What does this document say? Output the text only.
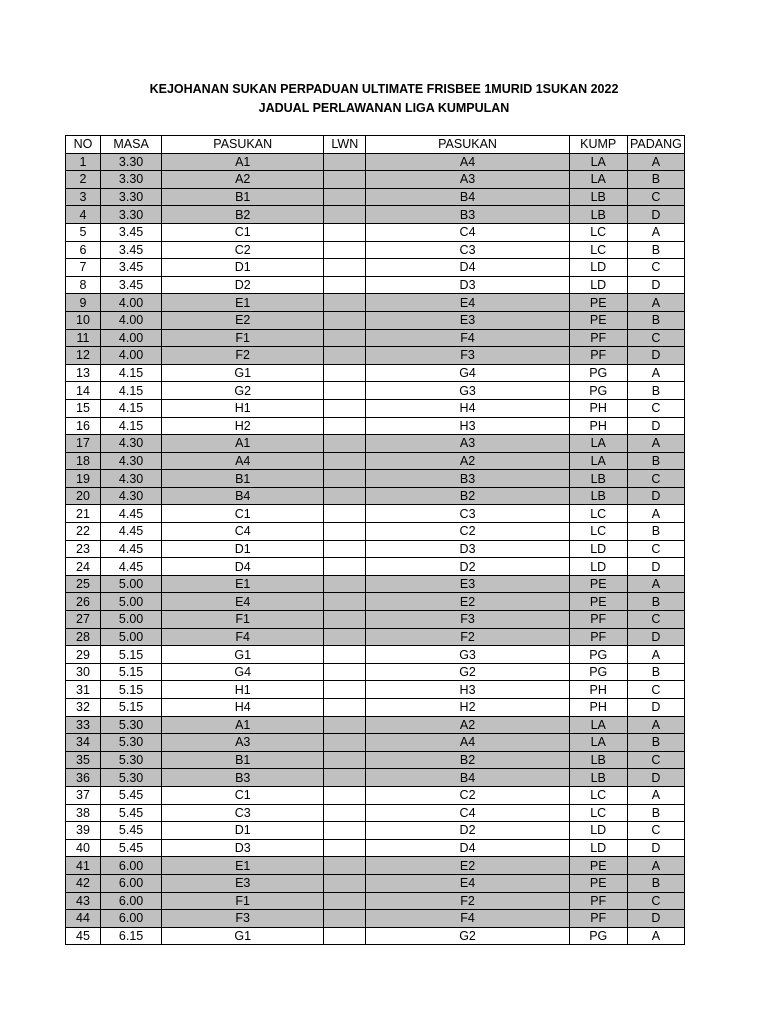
KEJOHANAN SUKAN PERPADUAN ULTIMATE FRISBEE 1MURID 1SUKAN 2022
JADUAL PERLAWANAN LIGA KUMPULAN
NO	MASA	PASUKAN	LWN	PASUKAN	KUMP	PADANG
1	3.30	A1		A4	LA	A
2	3.30	A2		A3	LA	B
3	3.30	B1		B4	LB	C
4	3.30	B2		B3	LB	D
5	3.45	C1		C4	LC	A
6	3.45	C2		C3	LC	B
7	3.45	D1		D4	LD	C
8	3.45	D2		D3	LD	D
9	4.00	E1		E4	PE	A
10	4.00	E2		E3	PE	B
11	4.00	F1		F4	PF	C
12	4.00	F2		F3	PF	D
13	4.15	G1		G4	PG	A
14	4.15	G2		G3	PG	B
15	4.15	H1		H4	PH	C
16	4.15	H2		H3	PH	D
17	4.30	A1		A3	LA	A
18	4.30	A4		A2	LA	B
19	4.30	B1		B3	LB	C
20	4.30	B4		B2	LB	D
21	4.45	C1		C3	LC	A
22	4.45	C4		C2	LC	B
23	4.45	D1		D3	LD	C
24	4.45	D4		D2	LD	D
25	5.00	E1		E3	PE	A
26	5.00	E4		E2	PE	B
27	5.00	F1		F3	PF	C
28	5.00	F4		F2	PF	D
29	5.15	G1		G3	PG	A
30	5.15	G4		G2	PG	B
31	5.15	H1		H3	PH	C
32	5.15	H4		H2	PH	D
33	5.30	A1		A2	LA	A
34	5.30	A3		A4	LA	B
35	5.30	B1		B2	LB	C
36	5.30	B3		B4	LB	D
37	5.45	C1		C2	LC	A
38	5.45	C3		C4	LC	B
39	5.45	D1		D2	LD	C
40	5.45	D3		D4	LD	D
41	6.00	E1		E2	PE	A
42	6.00	E3		E4	PE	B
43	6.00	F1		F2	PF	C
44	6.00	F3		F4	PF	D
45	6.15	G1		G2	PG	A
